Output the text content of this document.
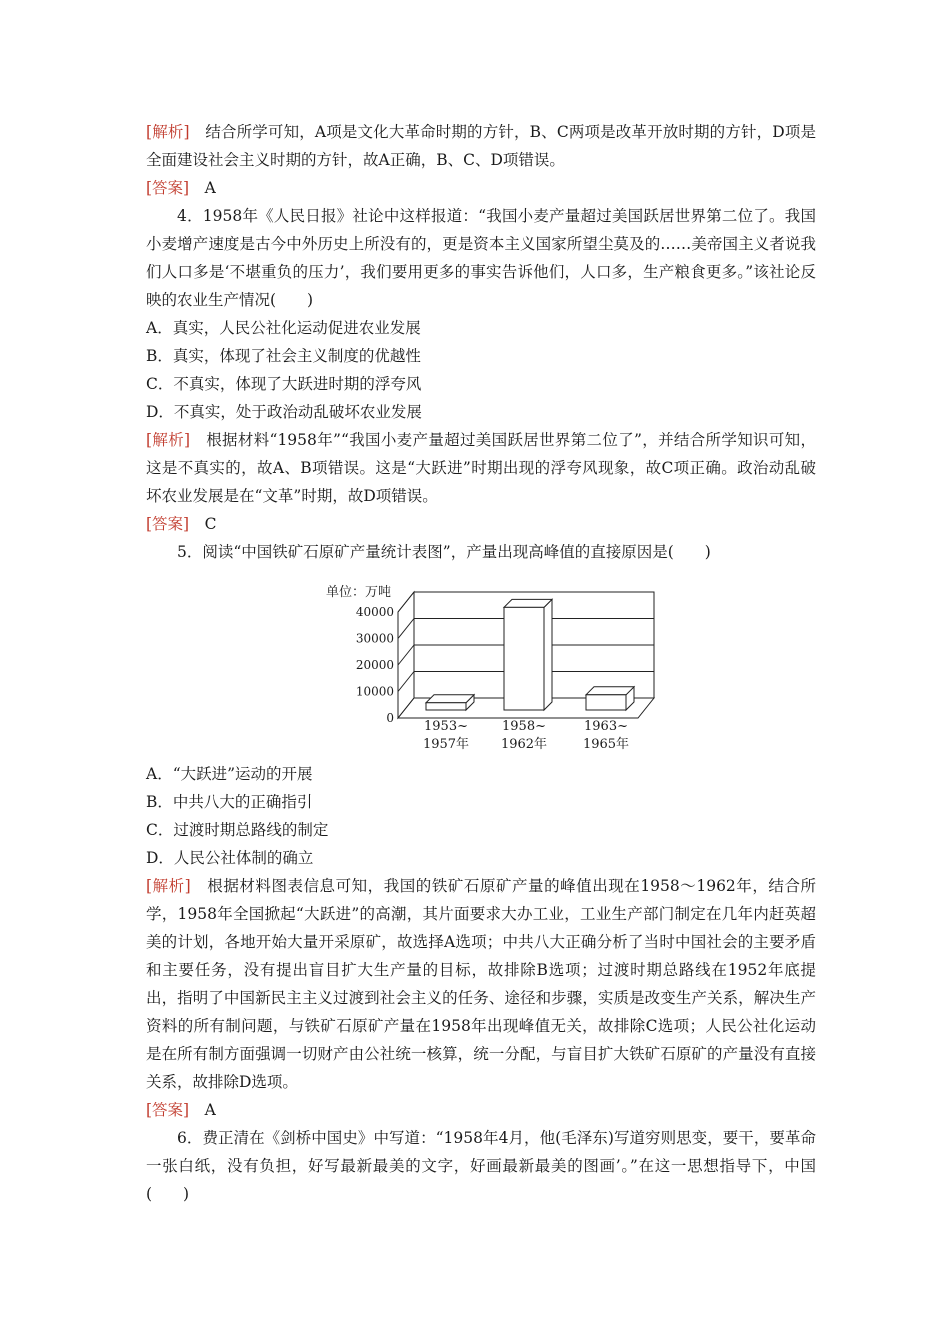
[解析]　结合所学可知，A项是文化大革命时期的方针，B、C两项是改革开放时期的方针，D项是全面建设社会主义时期的方针，故A正确，B、C、D项错误。

[答案]　A

4．1958年《人民日报》社论中这样报道：“我国小麦产量超过美国跃居世界第二位了。我国小麦增产速度是古今中外历史上所没有的，更是资本主义国家所望尘莫及的……美帝国主义者说我们人口多是‘不堪重负的压力’，我们要用更多的事实告诉他们，人口多，生产粮食更多。”该社论反映的农业生产情况(　　)

A．真实，人民公社化运动促进农业发展

B．真实，体现了社会主义制度的优越性

C．不真实，体现了大跃进时期的浮夸风

D．不真实，处于政治动乱破坏农业发展

[解析]　根据材料“1958年”“我国小麦产量超过美国跃居世界第二位了”，并结合所学知识可知，这是不真实的，故A、B项错误。这是“大跃进”时期出现的浮夸风现象，故C项正确。政治动乱破坏农业发展是在“文革”时期，故D项错误。

[答案]　C

5．阅读“中国铁矿石原矿产量统计表图”，产量出现高峰值的直接原因是(　　)

单位：万吨
40000
30000
20000
10000
0
1953~
1957年
1958~
1962年
1963~
1965年

A．“大跃进”运动的开展

B．中共八大的正确指引

C．过渡时期总路线的制定

D．人民公社体制的确立

[解析]　根据材料图表信息可知，我国的铁矿石原矿产量的峰值出现在1958～1962年，结合所学，1958年全国掀起“大跃进”的高潮，其片面要求大办工业，工业生产部门制定在几年内赶英超美的计划，各地开始大量开采原矿，故选择A选项；中共八大正确分析了当时中国社会的主要矛盾和主要任务，没有提出盲目扩大生产量的目标，故排除B选项；过渡时期总路线在1952年底提出，指明了中国新民主主义过渡到社会主义的任务、途径和步骤，实质是改变生产关系，解决生产资料的所有制问题，与铁矿石原矿产量在1958年出现峰值无关，故排除C选项；人民公社化运动是在所有制方面强调一切财产由公社统一核算，统一分配，与盲目扩大铁矿石原矿的产量没有直接关系，故排除D选项。

[答案]　A

6．费正清在《剑桥中国史》中写道：“1958年4月，他(毛泽东)写道穷则思变，要干，要革命一张白纸，没有负担，好写最新最美的文字，好画最新最美的图画’。”在这一思想指导下，中国(　　)
